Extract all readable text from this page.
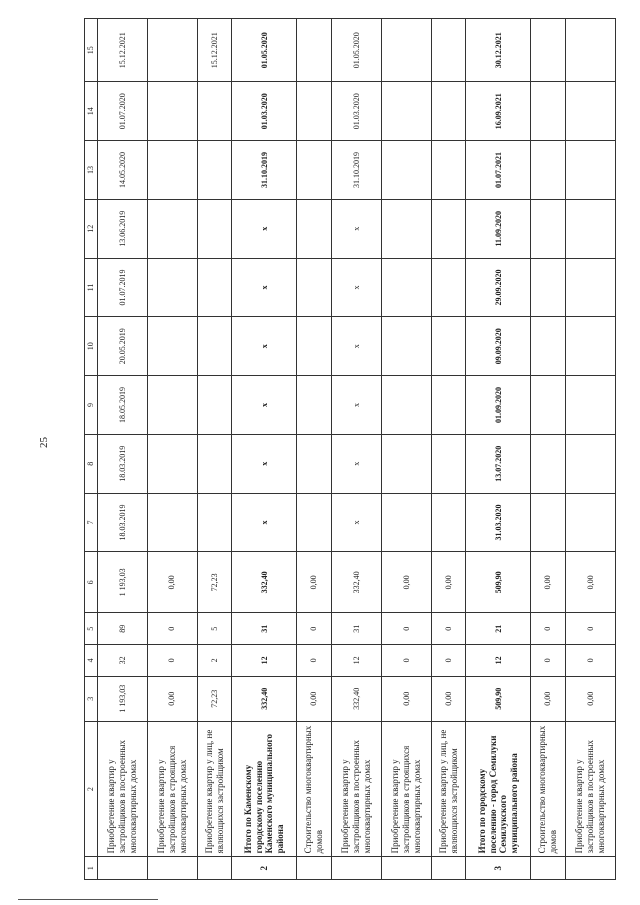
25
1	2	3	4	5	6	7	8	9	10	11	12	13	14	15
	Приобретение квартир у застройщиков в построенных многоквартирных домах	1 193,03	32	89	1 193,03	18.03.2019	18.03.2019	18.05.2019	20.05.2019	01.07.2019	13.06.2019	14.05.2020	01.07.2020	15.12.2021
	Приобретение квартир у застройщиков в строящихся многоквартирных домах	0,00	0	0	0,00									
	Приобретение квартир у лиц, не являющихся застройщиком	72,23	2	5	72,23									15.12.2021
2	Итого по Каменскому городскому поселению Каменского муниципального района	332,40	12	31	332,40	x	x	x	x	x	x	31.10.2019	01.03.2020	01.05.2020
	Строительство многоквартирных домов	0,00	0	0	0,00									
	Приобретение квартир у застройщиков в построенных многоквартирных домах	332,40	12	31	332,40	x	x	x	x	x	x	31.10.2019	01.03.2020	01.05.2020
	Приобретение квартир у застройщиков в строящихся многоквартирных домах	0,00	0	0	0,00									
	Приобретение квартир у лиц, не являющихся застройщиком	0,00	0	0	0,00									
3	Итого по городскому поселению - город Семилуки Семилукского муниципального района	509,90	12	21	509,90	31.03.2020	13.07.2020	01.09.2020	09.09.2020	29.09.2020	11.09.2020	01.07.2021	16.09.2021	30.12.2021
	Строительство многоквартирных домов	0,00	0	0	0,00									
	Приобретение квартир у застройщиков в построенных многоквартирных домах	0,00	0	0	0,00									
